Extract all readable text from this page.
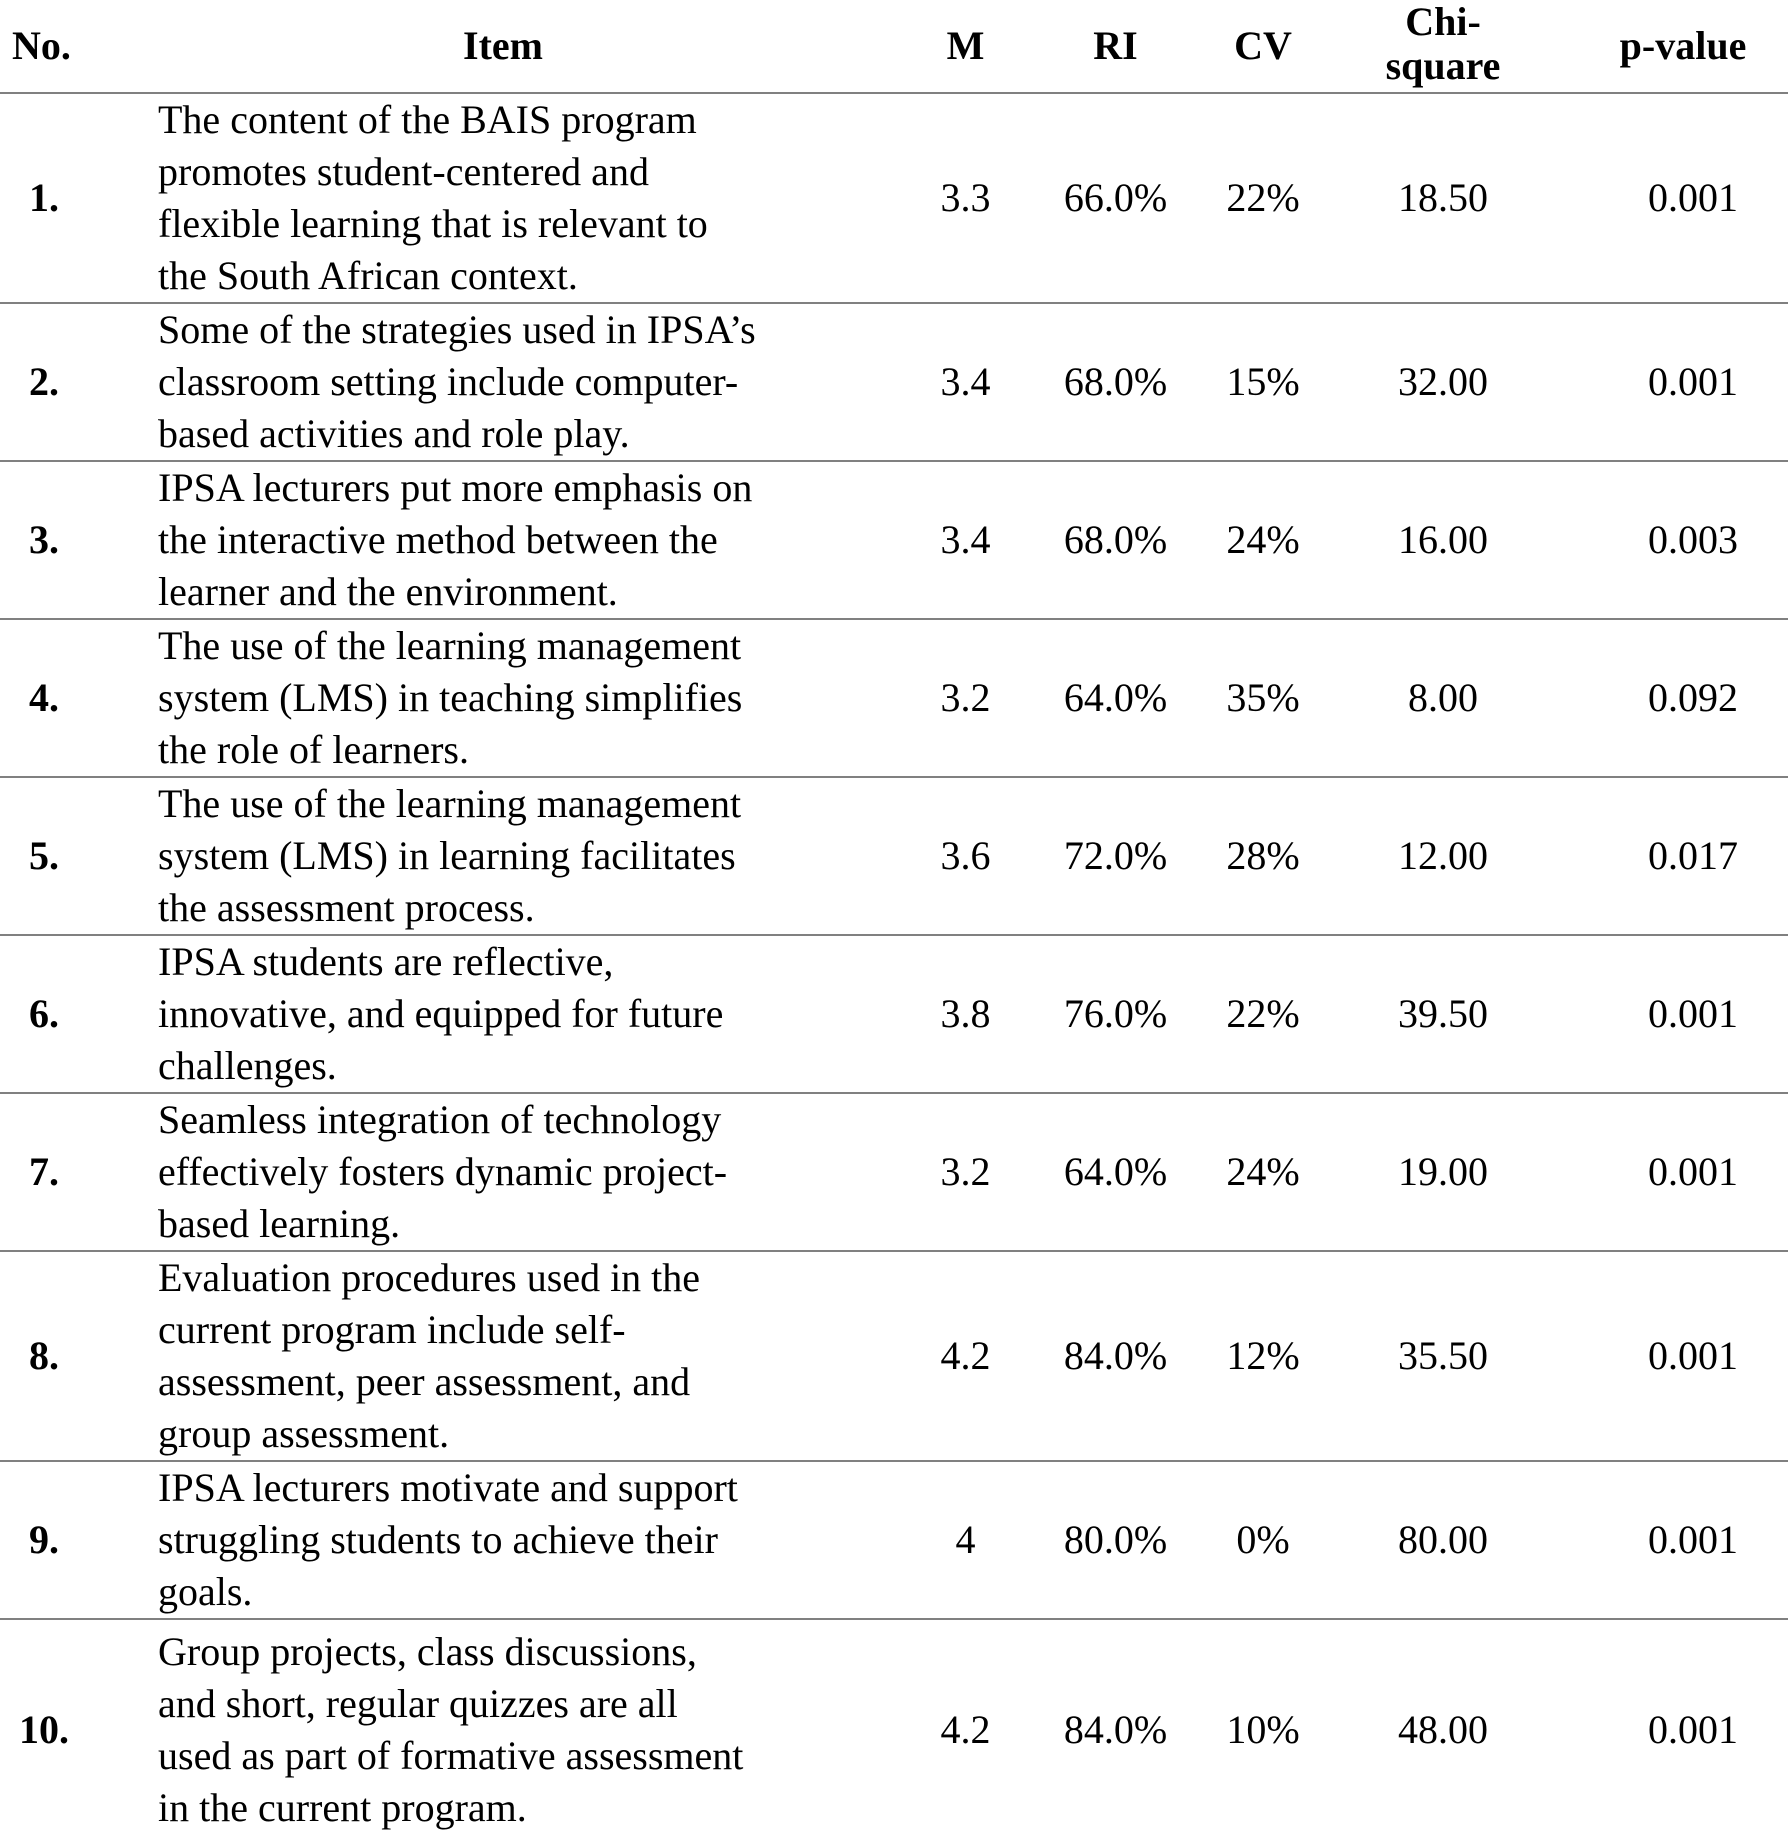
No.	Item	M	RI	CV	Chi-
square	p-value
1.	The content of the BAIS program
promotes student-centered and
flexible learning that is relevant to
the South African context.	3.3	66.0%	22%	18.50	0.001
2.	Some of the strategies used in IPSA’s
classroom setting include computer-
based activities and role play.	3.4	68.0%	15%	32.00	0.001
3.	IPSA lecturers put more emphasis on
the interactive method between the
learner and the environment.	3.4	68.0%	24%	16.00	0.003
4.	The use of the learning management
system (LMS) in teaching simplifies
the role of learners.	3.2	64.0%	35%	8.00	0.092
5.	The use of the learning management
system (LMS) in learning facilitates
the assessment process.	3.6	72.0%	28%	12.00	0.017
6.	IPSA students are reflective,
innovative, and equipped for future
challenges.	3.8	76.0%	22%	39.50	0.001
7.	Seamless integration of technology
effectively fosters dynamic project-
based learning.	3.2	64.0%	24%	19.00	0.001
8.	Evaluation procedures used in the
current program include self-
assessment, peer assessment, and
group assessment.	4.2	84.0%	12%	35.50	0.001
9.	IPSA lecturers motivate and support
struggling students to achieve their
goals.	4	80.0%	0%	80.00	0.001
10.	Group projects, class discussions,
and short, regular quizzes are all
used as part of formative assessment
in the current program.	4.2	84.0%	10%	48.00	0.001
